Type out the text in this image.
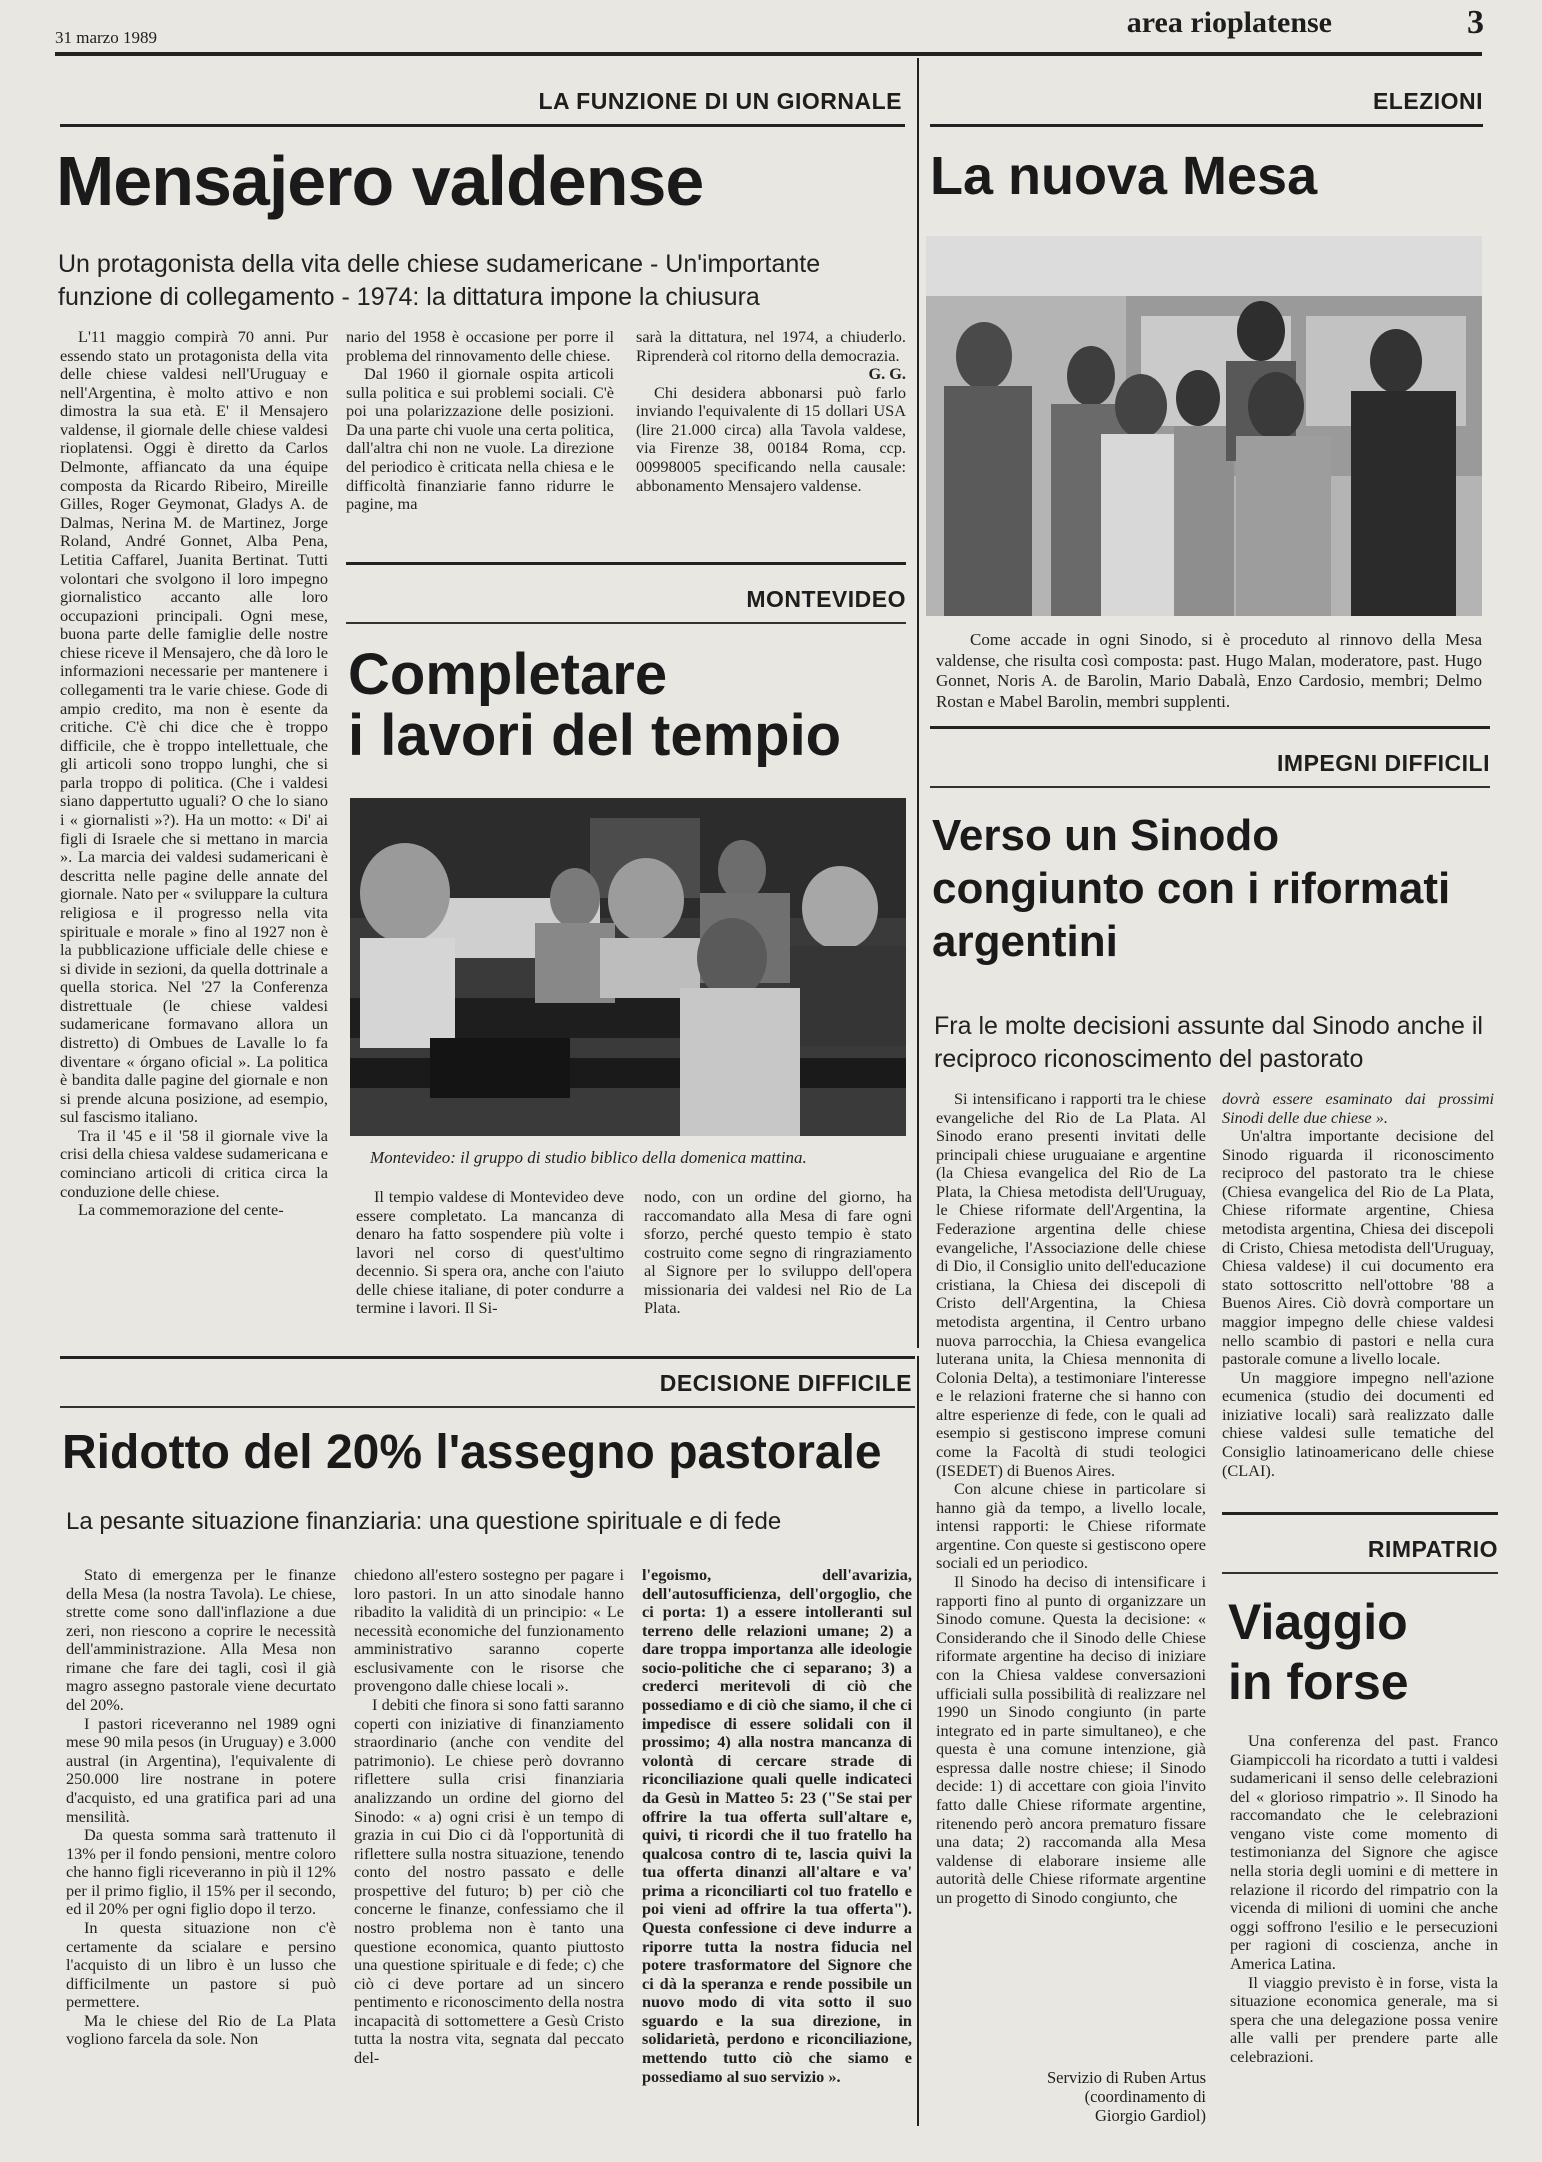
31 marzo 1989	area rioplatense	3
LA FUNZIONE DI UN GIORNALE
Mensajero valdense
Un protagonista della vita delle chiese sudamericane - Un'importante funzione di collegamento - 1974: la dittatura impone la chiusura

L'11 maggio compirà 70 anni. Pur essendo stato un protagonista della vita delle chiese valdesi nell'Uruguay e nell'Argentina, è molto attivo e non dimostra la sua età. E' il Mensajero valdense, il giornale delle chiese valdesi rioplatensi. Oggi è diretto da Carlos Delmonte, affiancato da una équipe composta da Ricardo Ribeiro, Mireille Gilles, Roger Geymonat, Gladys A. de Dalmas, Nerina M. de Martinez, Jorge Roland, André Gonnet, Alba Pena, Letitia Caffarel, Juanita Bertinat. Tutti volontari che svolgono il loro impegno giornalistico accanto alle loro occupazioni principali. Ogni mese, buona parte delle famiglie delle nostre chiese riceve il Mensajero, che dà loro le informazioni necessarie per mantenere i collegamenti tra le varie chiese. Gode di ampio credito, ma non è esente da critiche. C'è chi dice che è troppo difficile, che è troppo intellettuale, che gli articoli sono troppo lunghi, che si parla troppo di politica. (Che i valdesi siano dappertutto uguali? O che lo siano i « giornalisti »?). Ha un motto: « Di' ai figli di Israele che si mettano in marcia ». La marcia dei valdesi sudamericani è descritta nelle pagine delle annate del giornale. Nato per « sviluppare la cultura religiosa e il progresso nella vita spirituale e morale » fino al 1927 non è la pubblicazione ufficiale delle chiese e si divide in sezioni, da quella dottrinale a quella storica. Nel '27 la Conferenza distrettuale (le chiese valdesi sudamericane formavano allora un distretto) di Ombues de Lavalle lo fa diventare « órgano oficial ». La politica è bandita dalle pagine del giornale e non si prende alcuna posizione, ad esempio, sul fascismo italiano.

Tra il '45 e il '58 il giornale vive la crisi della chiesa valdese sudamericana e cominciano articoli di critica circa la conduzione delle chiese.

La commemorazione del cente-

nario del 1958 è occasione per porre il problema del rinnovamento delle chiese.

Dal 1960 il giornale ospita articoli sulla politica e sui problemi sociali. C'è poi una polarizzazione delle posizioni. Da una parte chi vuole una certa politica, dall'altra chi non ne vuole. La direzione del periodico è criticata nella chiesa e le difficoltà finanziarie fanno ridurre le pagine, ma

sarà la dittatura, nel 1974, a chiuderlo. Riprenderà col ritorno della democrazia.

G. G.

Chi desidera abbonarsi può farlo inviando l'equivalente di 15 dollari USA (lire 21.000 circa) alla Tavola valdese, via Firenze 38, 00184 Roma, ccp. 00998005 specificando nella causale: abbonamento Mensajero valdense.

MONTEVIDEO
Completare
i lavori del tempio
Montevideo: il gruppo di studio biblico della domenica mattina.

Il tempio valdese di Montevideo deve essere completato. La mancanza di denaro ha fatto sospendere più volte i lavori nel corso di quest'ultimo decennio. Si spera ora, anche con l'aiuto delle chiese italiane, di poter condurre a termine i lavori. Il Si-

nodo, con un ordine del giorno, ha raccomandato alla Mesa di fare ogni sforzo, perché questo tempio è stato costruito come segno di ringraziamento al Signore per lo sviluppo dell'opera missionaria dei valdesi nel Rio de La Plata.

ELEZIONI
La nuova Mesa
Come accade in ogni Sinodo, si è proceduto al rinnovo della Mesa valdense, che risulta così composta: past. Hugo Malan, moderatore, past. Hugo Gonnet, Noris A. de Barolin, Mario Dabalà, Enzo Cardosio, membri; Delmo Rostan e Mabel Barolin, membri supplenti.
IMPEGNI DIFFICILI
Verso un Sinodo
congiunto con i riformati
argentini
Fra le molte decisioni assunte dal Sinodo anche il reciproco riconoscimento del pastorato

Si intensificano i rapporti tra le chiese evangeliche del Rio de La Plata. Al Sinodo erano presenti invitati delle principali chiese uruguaiane e argentine (la Chiesa evangelica del Rio de La Plata, la Chiesa metodista dell'Uruguay, le Chiese riformate dell'Argentina, la Federazione argentina delle chiese evangeliche, l'Associazione delle chiese di Dio, il Consiglio unito dell'educazione cristiana, la Chiesa dei discepoli di Cristo dell'Argentina, la Chiesa metodista argentina, il Centro urbano nuova parrocchia, la Chiesa evangelica luterana unita, la Chiesa mennonita di Colonia Delta), a testimoniare l'interesse e le relazioni fraterne che si hanno con altre esperienze di fede, con le quali ad esempio si gestiscono imprese comuni come la Facoltà di studi teologici (ISEDET) di Buenos Aires.

Con alcune chiese in particolare si hanno già da tempo, a livello locale, intensi rapporti: le Chiese riformate argentine. Con queste si gestiscono opere sociali ed un periodico.

Il Sinodo ha deciso di intensificare i rapporti fino al punto di organizzare un Sinodo comune. Questa la decisione: « Considerando che il Sinodo delle Chiese riformate argentine ha deciso di iniziare con la Chiesa valdese conversazioni ufficiali sulla possibilità di realizzare nel 1990 un Sinodo congiunto (in parte integrato ed in parte simultaneo), e che questa è una comune intenzione, già espressa dalle nostre chiese; il Sinodo decide: 1) di accettare con gioia l'invito fatto dalle Chiese riformate argentine, ritenendo però ancora prematuro fissare una data; 2) raccomanda alla Mesa valdense di elaborare insieme alle autorità delle Chiese riformate argentine un progetto di Sinodo congiunto, che

dovrà essere esaminato dai prossimi Sinodi delle due chiese ».

Un'altra importante decisione del Sinodo riguarda il riconoscimento reciproco del pastorato tra le chiese (Chiesa evangelica del Rio de La Plata, Chiese riformate argentine, Chiesa metodista argentina, Chiesa dei discepoli di Cristo, Chiesa metodista dell'Uruguay, Chiesa valdese) il cui documento era stato sottoscritto nell'ottobre '88 a Buenos Aires. Ciò dovrà comportare un maggior impegno delle chiese valdesi nello scambio di pastori e nella cura pastorale comune a livello locale.

Un maggiore impegno nell'azione ecumenica (studio dei documenti ed iniziative locali) sarà realizzato dalle chiese valdesi sulle tematiche del Consiglio latinoamericano delle chiese (CLAI).

RIMPATRIO
Viaggio
in forse

Una conferenza del past. Franco Giampiccoli ha ricordato a tutti i valdesi sudamericani il senso delle celebrazioni del « glorioso rimpatrio ». Il Sinodo ha raccomandato che le celebrazioni vengano viste come momento di testimonianza del Signore che agisce nella storia degli uomini e di mettere in relazione il ricordo del rimpatrio con la vicenda di milioni di uomini che anche oggi soffrono l'esilio e le persecuzioni per ragioni di coscienza, anche in America Latina.

Il viaggio previsto è in forse, vista la situazione economica generale, ma si spera che una delegazione possa venire alle valli per prendere parte alle celebrazioni.

Servizio di Ruben Artus
(coordinamento di
Giorgio Gardiol)
DECISIONE DIFFICILE
Ridotto del 20% l'assegno pastorale
La pesante situazione finanziaria: una questione spirituale e di fede

Stato di emergenza per le finanze della Mesa (la nostra Tavola). Le chiese, strette come sono dall'inflazione a due zeri, non riescono a coprire le necessità dell'amministrazione. Alla Mesa non rimane che fare dei tagli, così il già magro assegno pastorale viene decurtato del 20%.

I pastori riceveranno nel 1989 ogni mese 90 mila pesos (in Uruguay) e 3.000 austral (in Argentina), l'equivalente di 250.000 lire nostrane in potere d'acquisto, ed una gratifica pari ad una mensilità.

Da questa somma sarà trattenuto il 13% per il fondo pensioni, mentre coloro che hanno figli riceveranno in più il 12% per il primo figlio, il 15% per il secondo, ed il 20% per ogni figlio dopo il terzo.

In questa situazione non c'è certamente da scialare e persino l'acquisto di un libro è un lusso che difficilmente un pastore si può permettere.

Ma le chiese del Rio de La Plata vogliono farcela da sole. Non

chiedono all'estero sostegno per pagare i loro pastori. In un atto sinodale hanno ribadito la validità di un principio: « Le necessità economiche del funzionamento amministrativo saranno coperte esclusivamente con le risorse che provengono dalle chiese locali ».

I debiti che finora si sono fatti saranno coperti con iniziative di finanziamento straordinario (anche con vendite del patrimonio). Le chiese però dovranno riflettere sulla crisi finanziaria analizzando un ordine del giorno del Sinodo: « a) ogni crisi è un tempo di grazia in cui Dio ci dà l'opportunità di riflettere sulla nostra situazione, tenendo conto del nostro passato e delle prospettive del futuro; b) per ciò che concerne le finanze, confessiamo che il nostro problema non è tanto una questione economica, quanto piuttosto una questione spirituale e di fede; c) che ciò ci deve portare ad un sincero pentimento e riconoscimento della nostra incapacità di sottomettere a Gesù Cristo tutta la nostra vita, segnata dal peccato del-

l'egoismo, dell'avarizia, dell'autosufficienza, dell'orgoglio, che ci porta: 1) a essere intolleranti sul terreno delle relazioni umane; 2) a dare troppa importanza alle ideologie socio-politiche che ci separano; 3) a crederci meritevoli di ciò che possediamo e di ciò che siamo, il che ci impedisce di essere solidali con il prossimo; 4) alla nostra mancanza di volontà di cercare strade di riconciliazione quali quelle indicateci da Gesù in Matteo 5: 23 ("Se stai per offrire la tua offerta sull'altare e, quivi, ti ricordi che il tuo fratello ha qualcosa contro di te, lascia quivi la tua offerta dinanzi all'altare e va' prima a riconciliarti col tuo fratello e poi vieni ad offrire la tua offerta"). Questa confessione ci deve indurre a riporre tutta la nostra fiducia nel potere trasformatore del Signore che ci dà la speranza e rende possibile un nuovo modo di vita sotto il suo sguardo e la sua direzione, in solidarietà, perdono e riconciliazione, mettendo tutto ciò che siamo e possediamo al suo servizio ».
